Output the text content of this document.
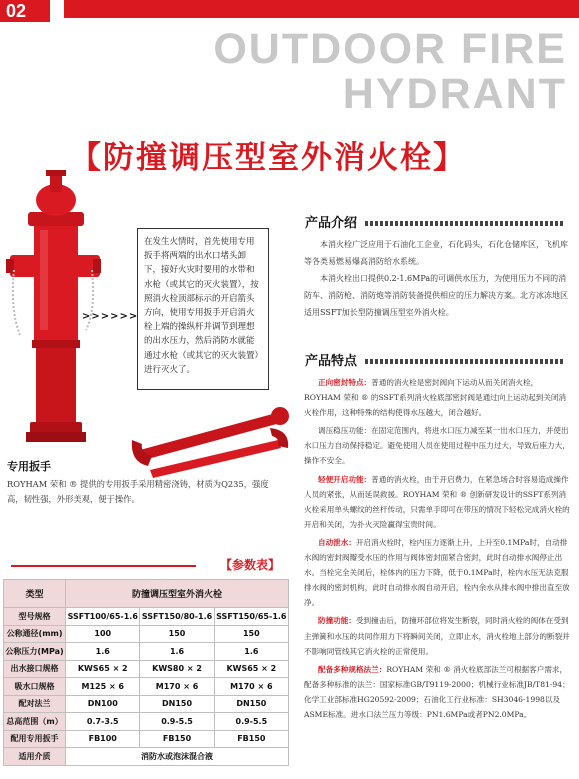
02
OUTDOOR FIRE
HYDRANT
【防撞调压型室外消火栓】
>>>>>>
在发生火情时，首先使用专用扳手将两端的出水口堵头卸下，接好火灾时要用的水带和水枪（或其它的灭火装置），按照消火栓顶部标示的开启箭头方向，使用专用扳手开启消火栓上端的操纵杆并调节到理想的出水压力，然后消防水就能通过水枪（或其它的灭火装置）进行灭火了。
专用扳手
ROYHAM 荣和 ® 提供的专用扳手采用精密浇铸，材质为Q235，强度高，韧性强，外形美观，便于操作。
【参数表】
类型	防撞调压型室外消火栓		
型号规格	SSFT100/65-1.6	SSFT150/80-1.6	SSFT150/65-1.6
公称通径(mm)	100	150	150
公称压力(MPa)	1.6	1.6	1.6
出水接口规格	KWS65 × 2	KWS80 × 2	KWS65 × 2
吸水口规格	M125 × 6	M170 × 6	M170 × 6
配对法兰	DN100	DN150	DN150
总高范围（m）	0.7-3.5	0.9-5.5	0.9-5.5
配用专用扳手	FB100	FB150	FB150
适用介质	消防水或泡沫混合液		
产品介绍

本消火栓广泛应用于石油化工企业，石化码头，石化仓储库区，飞机库等各类易燃易爆高消防给水系统。

本消火栓出口提供0.2-1.6MPa的可调供水压力，为使用压力不同的消防车、消防枪、消防炮等消防装备提供相应的压力解决方案。北方冰冻地区适用SSFT加长型防撞调压型室外消火栓。

产品特点

正向密封特点：普通的消火栓是密封阀向下运动从而关闭消火栓，ROYHAM 荣和 ® 的SSFT系列消火栓底部密封阀是通过向上运动起到关闭消火栓作用，这种特殊的结构使得水压越大，闭合越好。

调压稳压功能：在固定范围内，将进水口压力减至某一出水口压力，并使出水口压力自动保持稳定。避免使用人员在使用过程中压力过大，导致后座力大，操作不安全。

轻便开启功能：普通的消火栓，由于开启费力，在紧急场合时容易造成操作人员的紧张，从而延误救援。ROYHAM 荣和 ® 创新研发设计的SSFT系列消火栓采用单头螺纹的丝杆传动，只需单手即可在带压的情况下轻松完成消火栓的开启和关闭，为扑火灭险赢得宝贵时间。

自动泄水：开启消火栓时，栓内压力逐渐上升，上升至0.1MPa时，自动排水阀的密封阀瓣受水压的作用与阀体密封面紧合密封，此时自动排水阀停止出水。当栓完全关闭后，栓体内的压力下降，低于0.1MPa时，栓内水压无法克服排水阀的密封机构，此时自动排水阀自动开启，栓内余水从排水阀中排出直至放净。

防撞功能：受到撞击后，防撞环部位将发生断裂，同时消火栓的阀体在受到主弹簧和水压的共同作用力下将瞬间关闭，立即止水，消火栓地上部分的断裂并不影响同管线其它消火栓的正常使用。

配备多种规格法兰：ROYHAM 荣和 ® 消火栓底部法兰可根据客户需求，配备多种标准的法兰：国家标准GB/T9119-2000；机械行业标准JB/T81-94；化学工业部标准HG20592-2009；石油化工行业标准：SH3046-1998以及ASME标准。进水口法兰压力等级：PN1.6MPa或者PN2.0MPa。
